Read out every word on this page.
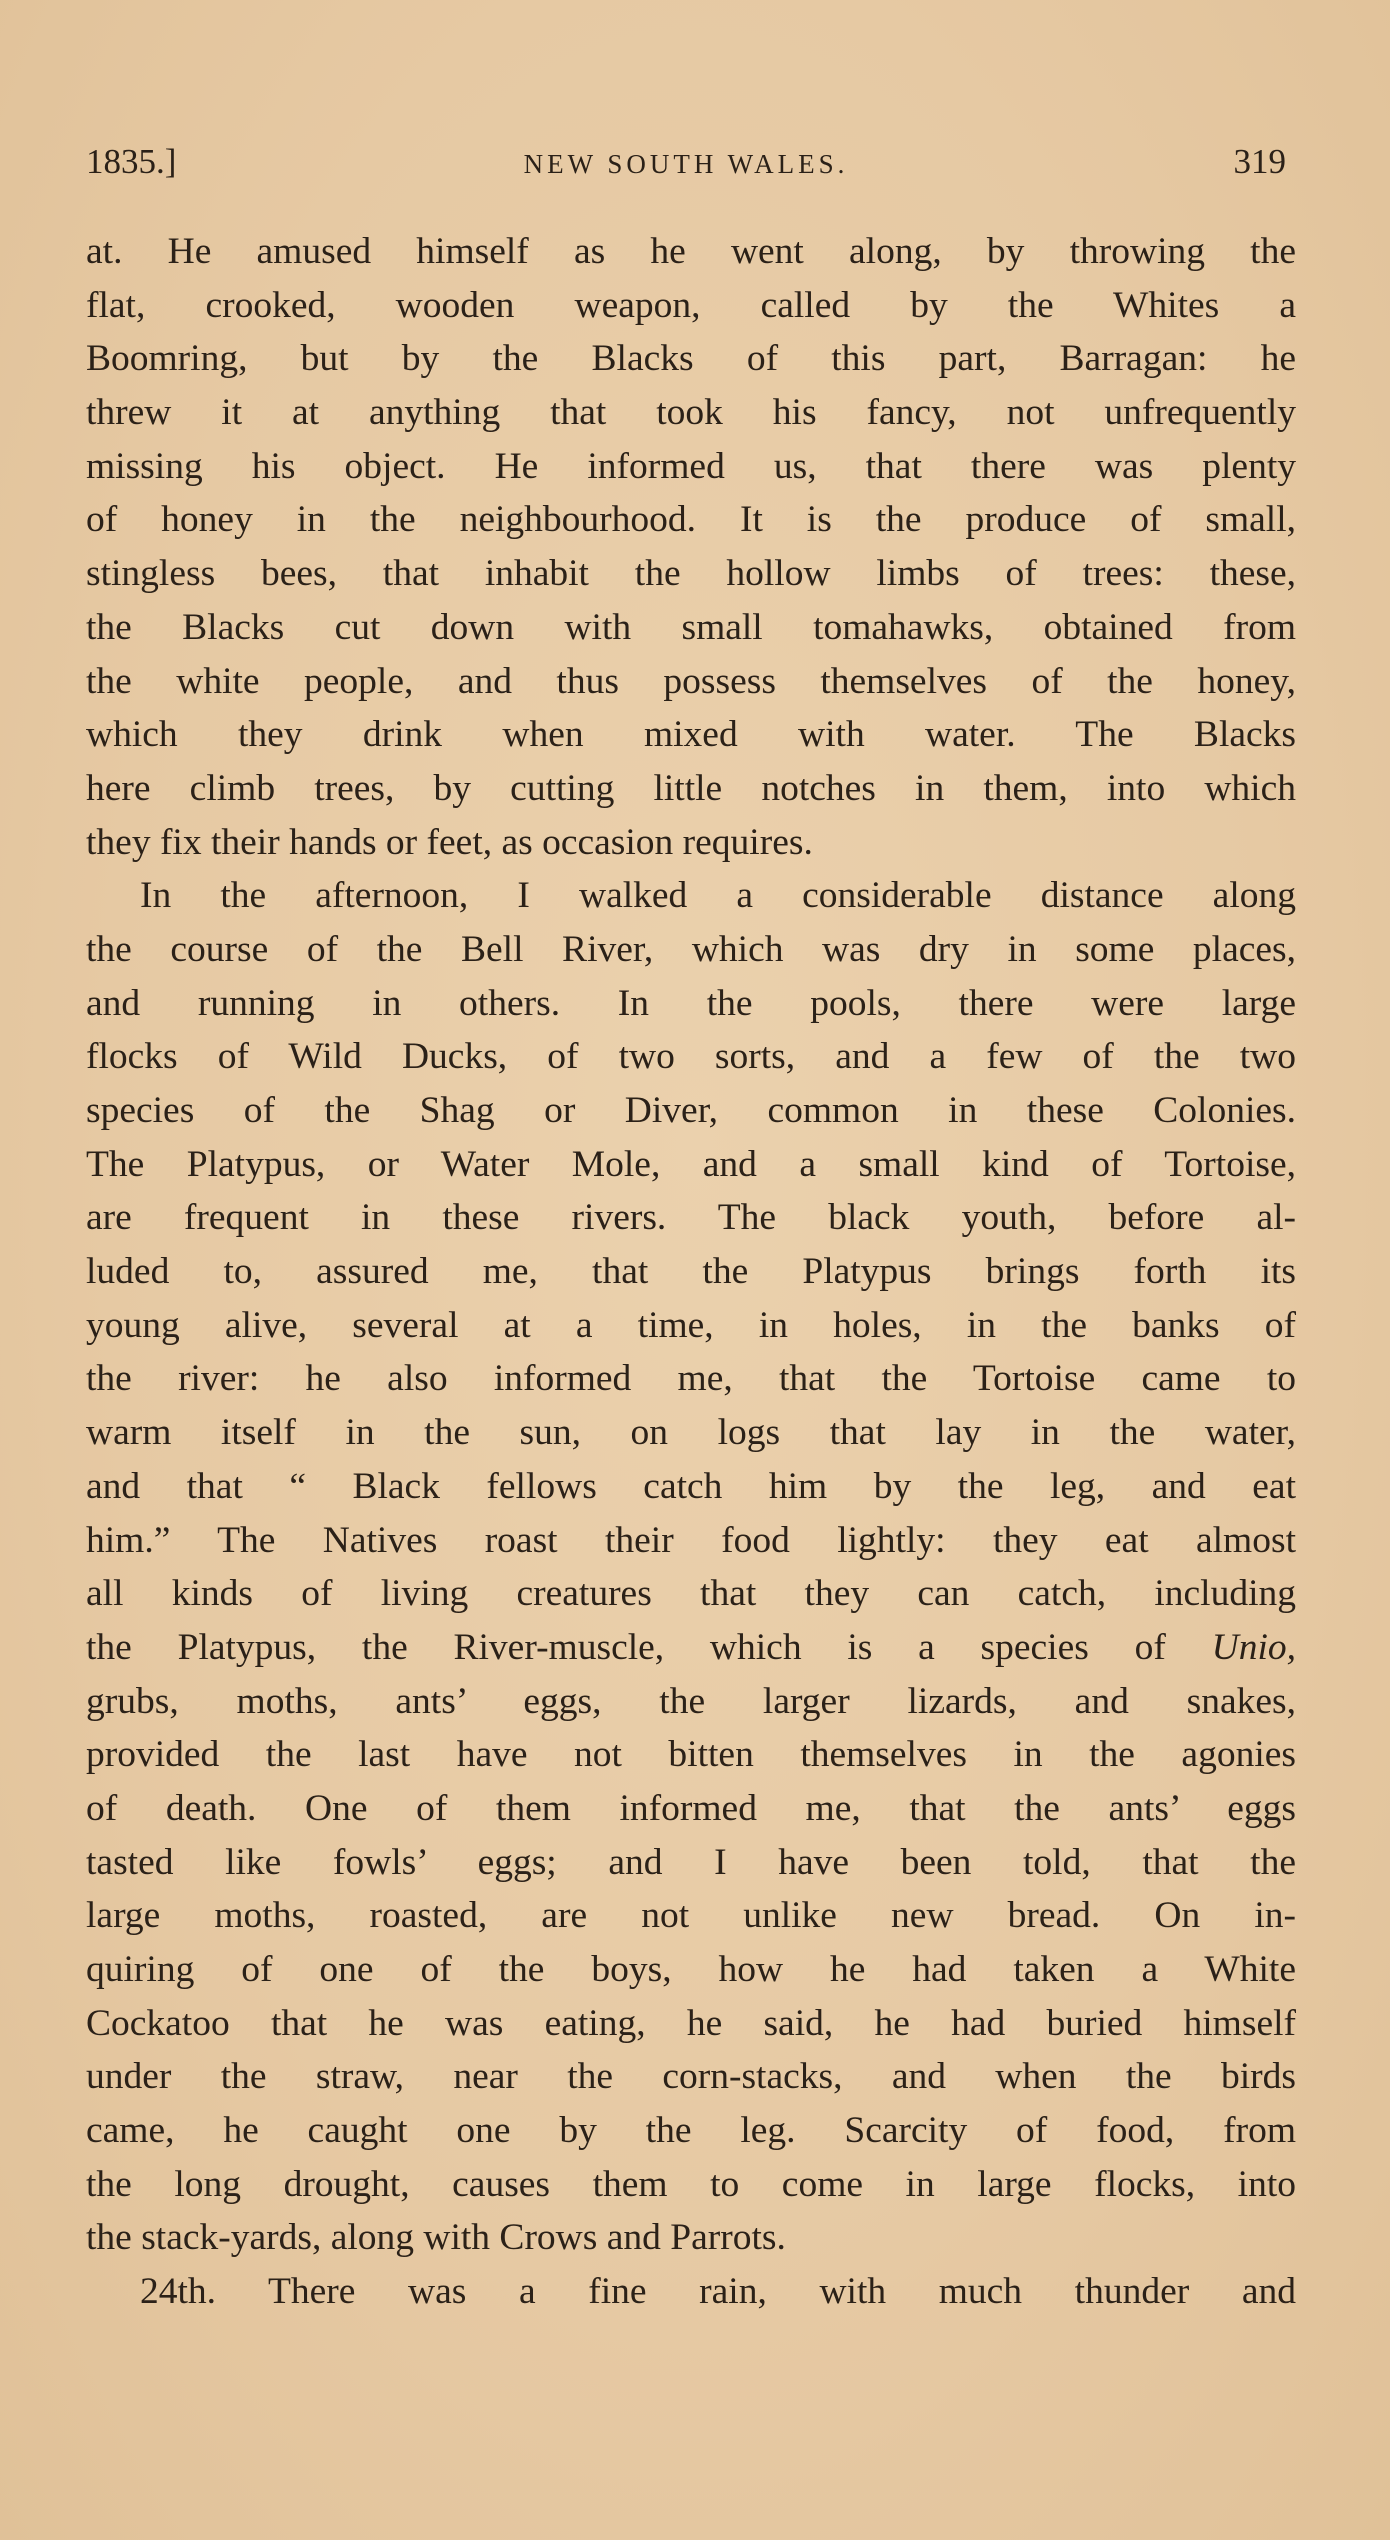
1835.]	NEW SOUTH WALES.	319
at. He amused himself as he went along, by throwing the
flat, crooked, wooden weapon, called by the Whites a
Boomring, but by the Blacks of this part, Barragan: he
threw it at anything that took his fancy, not unfrequently
missing his object. He informed us, that there was plenty
of honey in the neighbourhood. It is the produce of small,
stingless bees, that inhabit the hollow limbs of trees: these,
the Blacks cut down with small tomahawks, obtained from
the white people, and thus possess themselves of the honey,
which they drink when mixed with water. The Blacks
here climb trees, by cutting little notches in them, into which
they fix their hands or feet, as occasion requires.
In the afternoon, I walked a considerable distance along
the course of the Bell River, which was dry in some places,
and running in others. In the pools, there were large
flocks of Wild Ducks, of two sorts, and a few of the two
species of the Shag or Diver, common in these Colonies.
The Platypus, or Water Mole, and a small kind of Tortoise,
are frequent in these rivers. The black youth, before al-
luded to, assured me, that the Platypus brings forth its
young alive, several at a time, in holes, in the banks of
the river: he also informed me, that the Tortoise came to
warm itself in the sun, on logs that lay in the water,
and that “ Black fellows catch him by the leg, and eat
him.” The Natives roast their food lightly: they eat almost
all kinds of living creatures that they can catch, including
the Platypus, the River-muscle, which is a species of Unio,
grubs, moths, ants’ eggs, the larger lizards, and snakes,
provided the last have not bitten themselves in the agonies
of death. One of them informed me, that the ants’ eggs
tasted like fowls’ eggs; and I have been told, that the
large moths, roasted, are not unlike new bread. On in-
quiring of one of the boys, how he had taken a White
Cockatoo that he was eating, he said, he had buried himself
under the straw, near the corn-stacks, and when the birds
came, he caught one by the leg. Scarcity of food, from
the long drought, causes them to come in large flocks, into
the stack-yards, along with Crows and Parrots.
24th. There was a fine rain, with much thunder and
